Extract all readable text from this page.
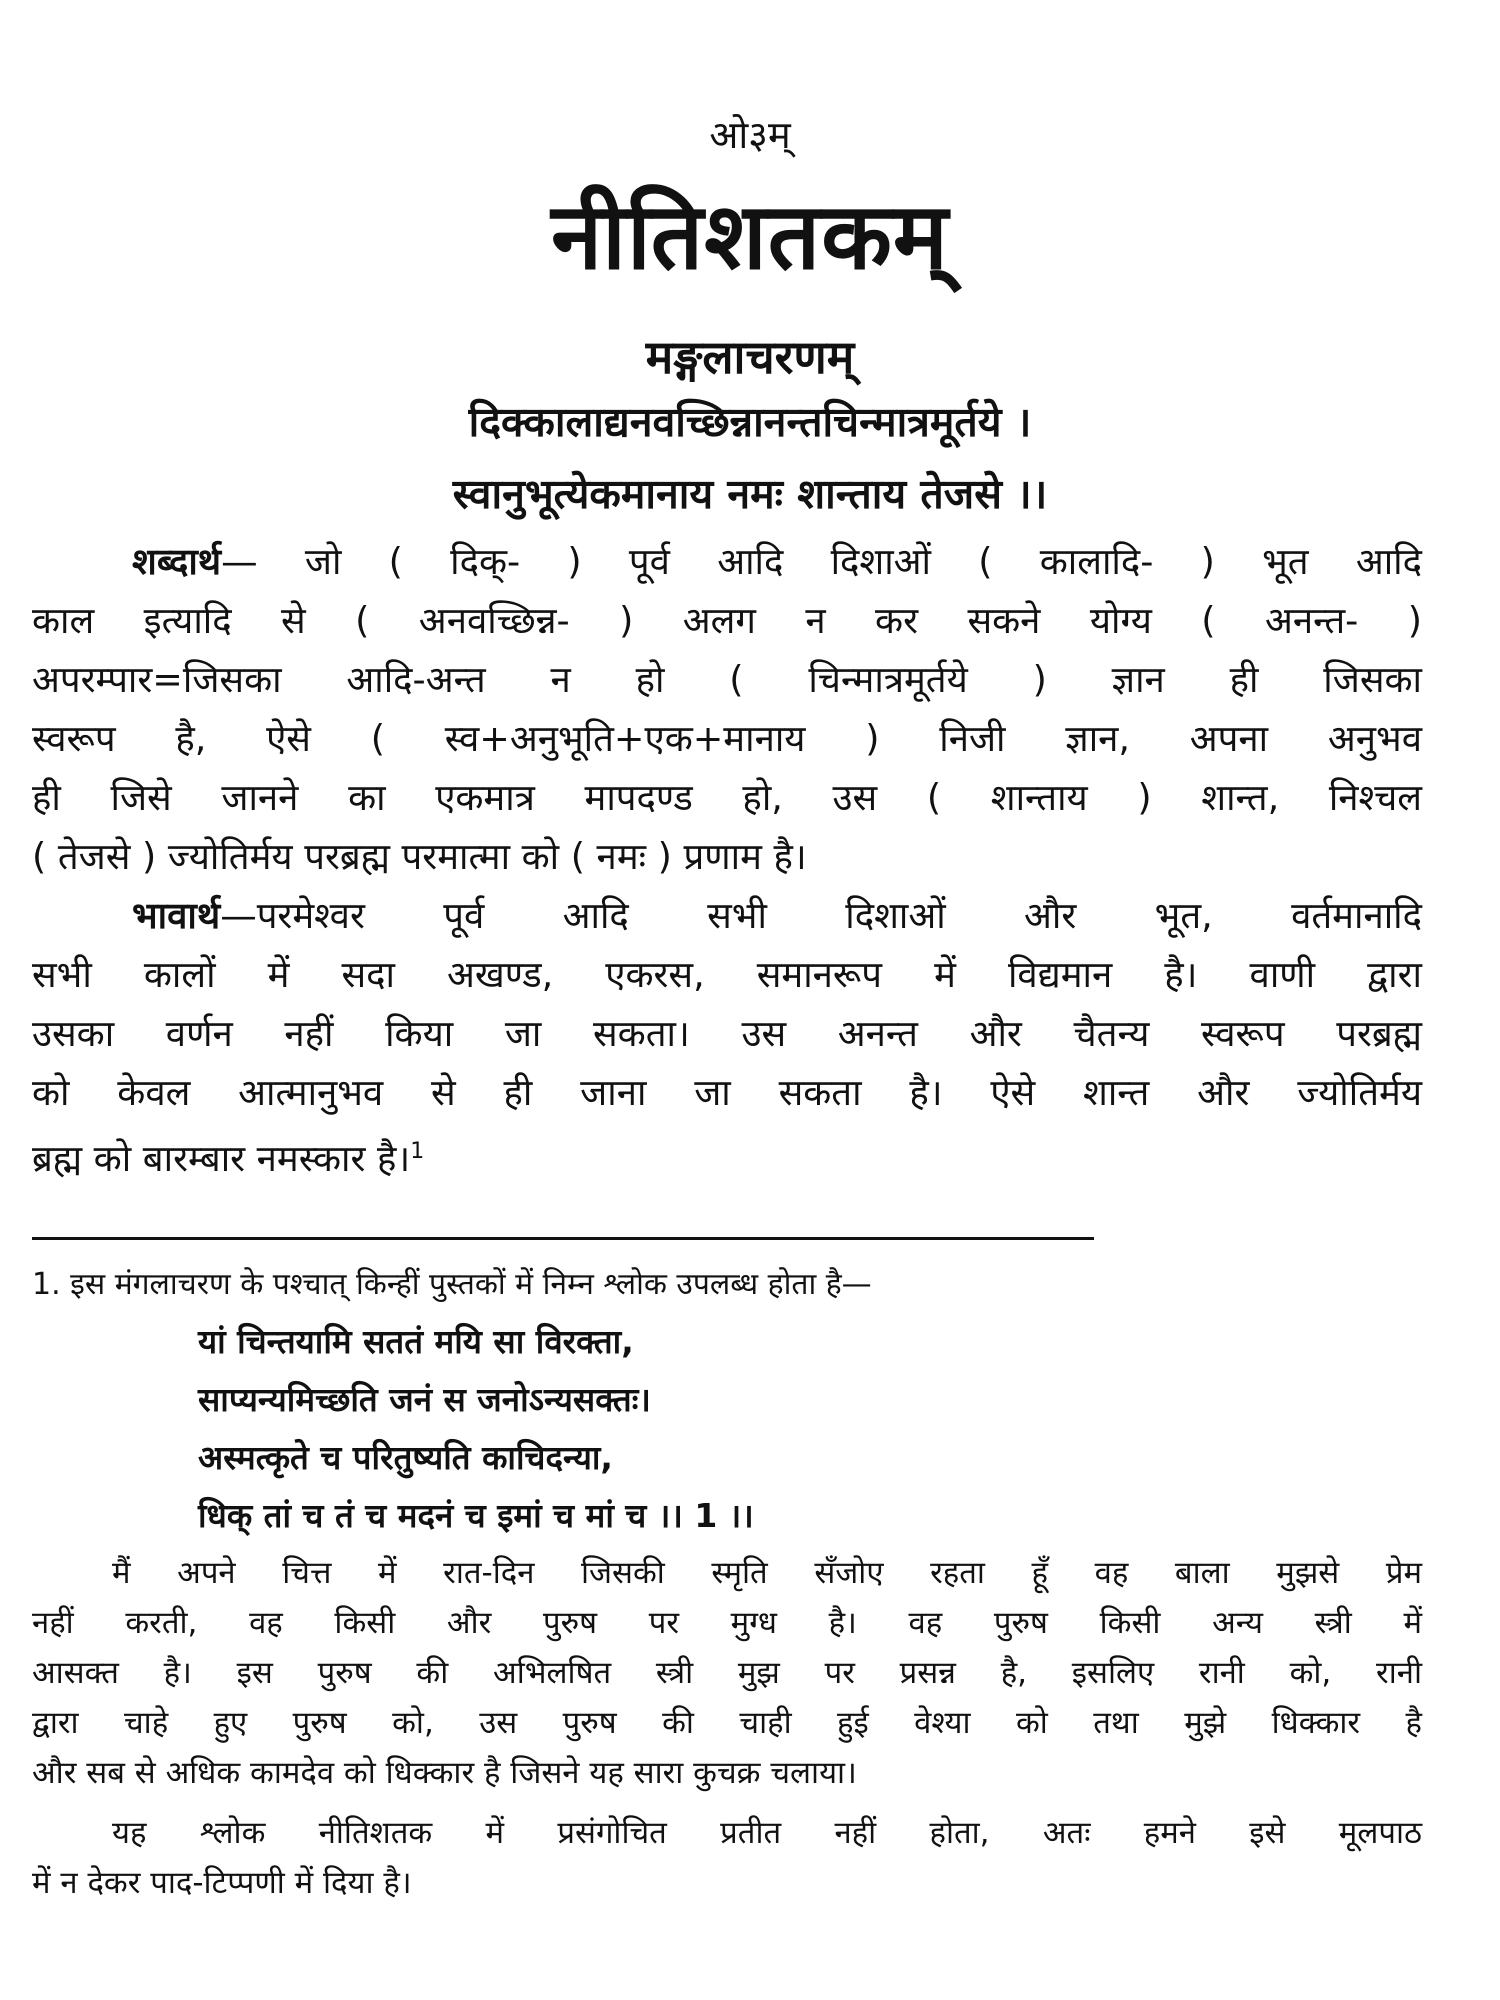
ओ३म्
नीतिशतकम्
मङ्गलाचरणम्
दिक्कालाद्यनवच्छिन्नानन्तचिन्मात्रमूर्तये ।
स्वानुभूत्येकमानाय नमः शान्ताय तेजसे ।।
शब्दार्थ— जो ( दिक्- ) पूर्व आदि दिशाओं ( कालादि- ) भूत आदि
काल इत्यादि से ( अनवच्छिन्न- ) अलग न कर सकने योग्य ( अनन्त- )
अपरम्पार=जिसका आदि-अन्त न हो ( चिन्मात्रमूर्तये ) ज्ञान ही जिसका
स्वरूप है, ऐसे ( स्व+अनुभूति+एक+मानाय ) निजी ज्ञान, अपना अनुभव
ही जिसे जानने का एकमात्र मापदण्ड हो, उस ( शान्ताय ) शान्त, निश्चल
( तेजसे ) ज्योतिर्मय परब्रह्म परमात्मा को ( नमः ) प्रणाम है।
भावार्थ—परमेश्वर पूर्व आदि सभी दिशाओं और भूत, वर्तमानादि
सभी कालों में सदा अखण्ड, एकरस, समानरूप में विद्यमान है। वाणी द्वारा
उसका वर्णन नहीं किया जा सकता। उस अनन्त और चैतन्य स्वरूप परब्रह्म
को केवल आत्मानुभव से ही जाना जा सकता है। ऐसे शान्त और ज्योतिर्मय
ब्रह्म को बारम्बार नमस्कार है।$^1$
1. इस मंगलाचरण के पश्चात् किन्हीं पुस्तकों में निम्न श्लोक उपलब्ध होता है—
यां चिन्तयामि सततं मयि सा विरक्ता,
साप्यन्यमिच्छति जनं स जनोऽन्यसक्तः।
अस्मत्कृते च परितुष्यति काचिदन्या,
धिक् तां च तं च मदनं च इमां च मां च ।। 1 ।।
मैं अपने चित्त में रात-दिन जिसकी स्मृति सँजोए रहता हूँ वह बाला मुझसे प्रेम
नहीं करती, वह किसी और पुरुष पर मुग्ध है। वह पुरुष किसी अन्य स्त्री में
आसक्त है। इस पुरुष की अभिलषित स्त्री मुझ पर प्रसन्न है, इसलिए रानी को, रानी
द्वारा चाहे हुए पुरुष को, उस पुरुष की चाही हुई वेश्या को तथा मुझे धिक्कार है
और सब से अधिक कामदेव को धिक्कार है जिसने यह सारा कुचक्र चलाया।
यह श्लोक नीतिशतक में प्रसंगोचित प्रतीत नहीं होता, अतः हमने इसे मूलपाठ
में न देकर पाद-टिप्पणी में दिया है।
